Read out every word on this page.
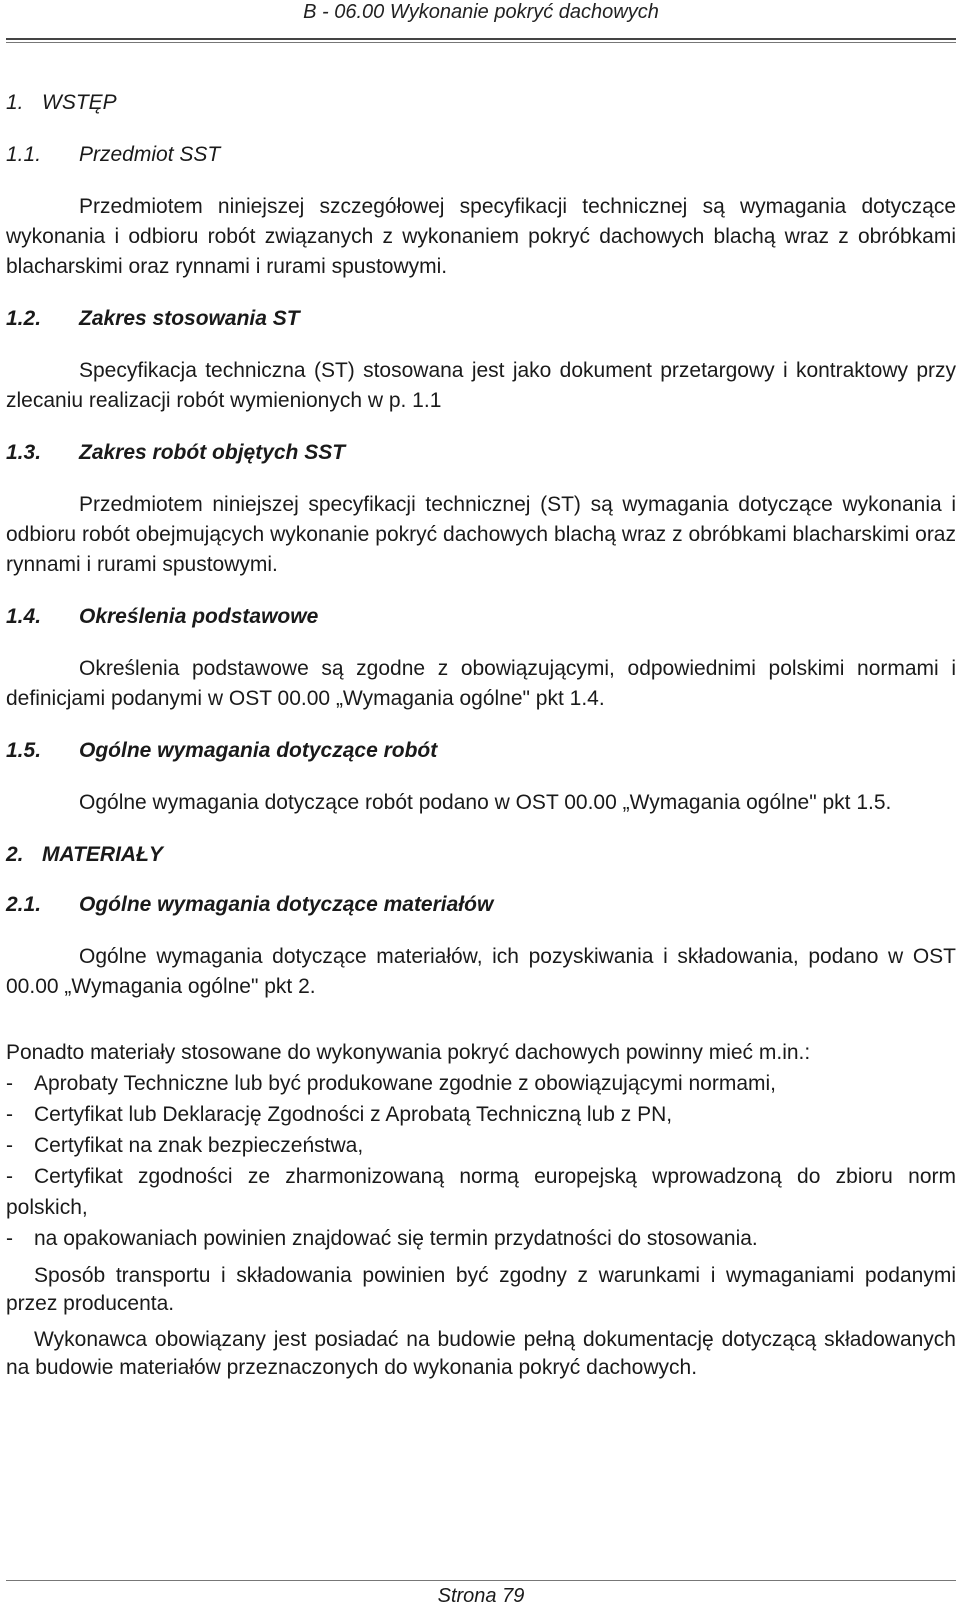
B - 06.00 Wykonanie pokryć dachowych
1. WSTĘP
1.1. Przedmiot SST

Przedmiotem niniejszej szczegółowej specyfikacji technicznej są wymagania dotyczące wykonania i odbioru robót związanych z wykonaniem pokryć dachowych blachą wraz z obróbkami blacharskimi oraz rynnami i rurami spustowymi.

1.2. Zakres stosowania ST

Specyfikacja techniczna (ST) stosowana jest jako dokument przetargowy i kontraktowy przy zlecaniu realizacji robót wymienionych w p. 1.1

1.3. Zakres robót objętych SST

Przedmiotem niniejszej specyfikacji technicznej (ST) są wymagania dotyczące wykonania i odbioru robót obejmujących wykonanie pokryć dachowych blachą wraz z obróbkami blacharskimi oraz rynnami i rurami spustowymi.

1.4. Określenia podstawowe

Określenia podstawowe są zgodne z obowiązującymi, odpowiednimi polskimi normami i definicjami podanymi w OST 00.00 „Wymagania ogólne" pkt 1.4.

1.5. Ogólne wymagania dotyczące robót

Ogólne wymagania dotyczące robót podano w OST 00.00 „Wymagania ogólne" pkt 1.5.

2. MATERIAŁY
2.1. Ogólne wymagania dotyczące materiałów

Ogólne wymagania dotyczące materiałów, ich pozyskiwania i składowania, podano w OST 00.00 „Wymagania ogólne" pkt 2.

Ponadto materiały stosowane do wykonywania pokryć dachowych powinny mieć m.in.:

- Aprobaty Techniczne lub być produkowane zgodnie z obowiązującymi normami,
- Certyfikat lub Deklarację Zgodności z Aprobatą Techniczną lub z PN,
- Certyfikat na znak bezpieczeństwa,
- Certyfikat zgodności ze zharmonizowaną normą europejską wprowadzoną do zbioru norm polskich,
- na opakowaniach powinien znajdować się termin przydatności do stosowania.

Sposób transportu i składowania powinien być zgodny z warunkami i wymaganiami podanymi przez producenta.

Wykonawca obowiązany jest posiadać na budowie pełną dokumentację dotyczącą składowanych na budowie materiałów przeznaczonych do wykonania pokryć dachowych.

Strona 79
